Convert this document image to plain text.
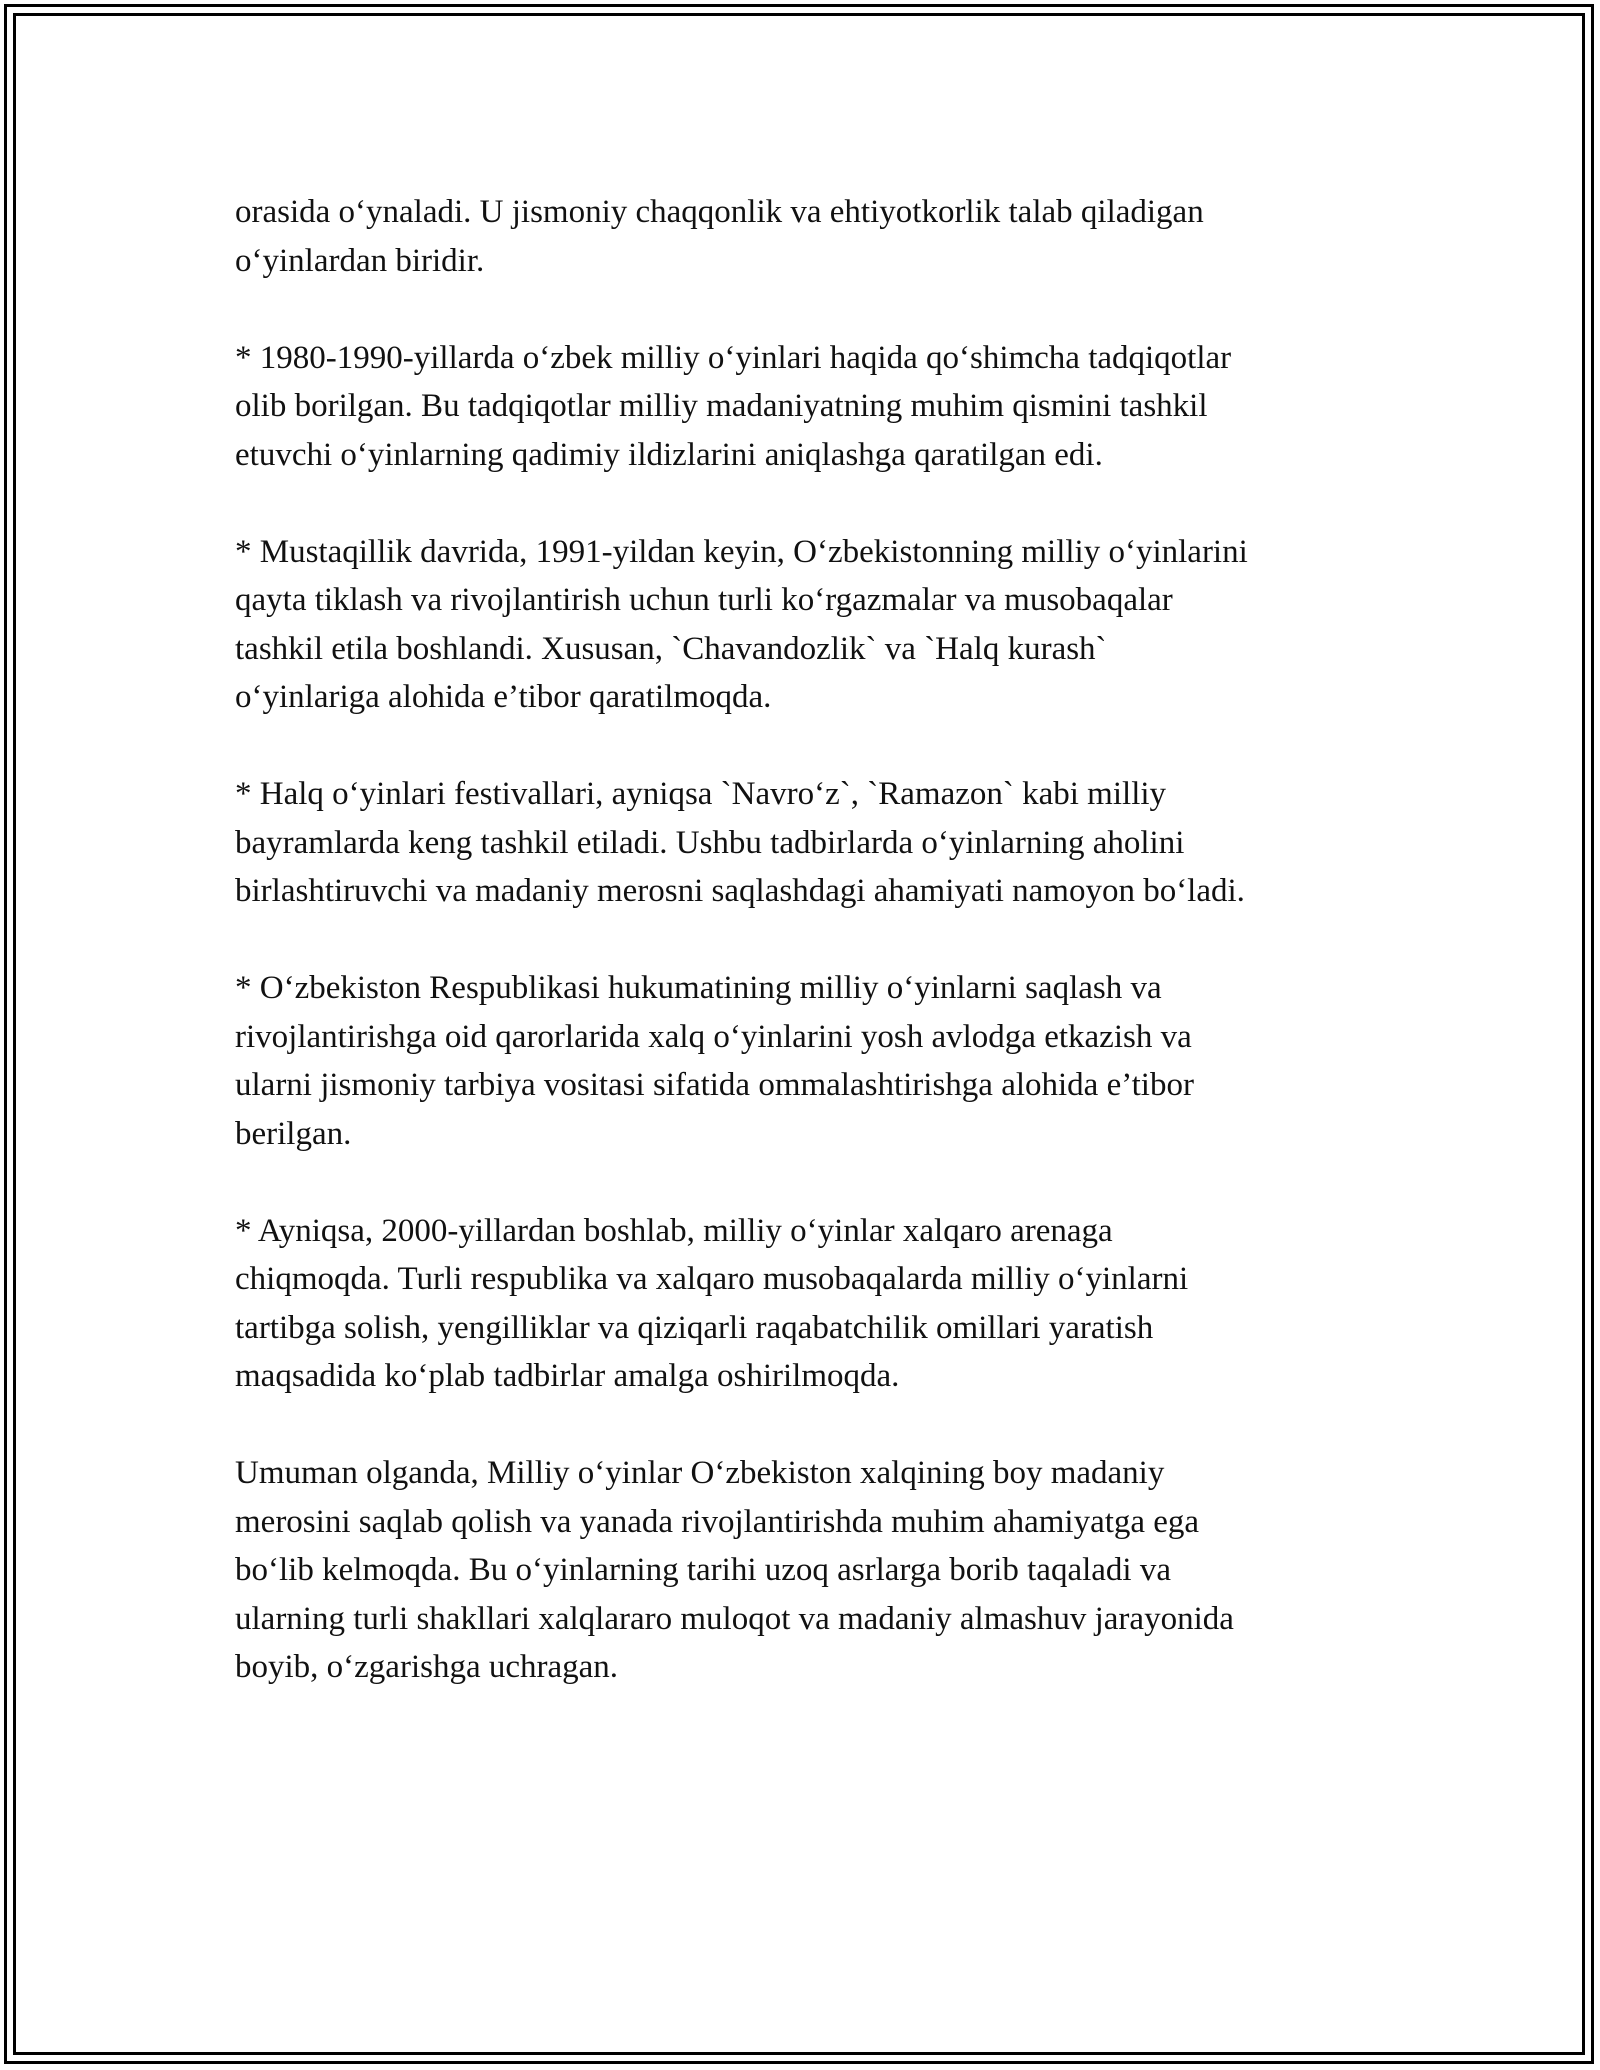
orasida o‘ynaladi. U jismoniy chaqqonlik va ehtiyotkorlik talab qiladigan
o‘yinlardan biridir.

* 1980-1990-yillarda o‘zbek milliy o‘yinlari haqida qo‘shimcha tadqiqotlar
olib borilgan. Bu tadqiqotlar milliy madaniyatning muhim qismini tashkil
etuvchi o‘yinlarning qadimiy ildizlarini aniqlashga qaratilgan edi.

* Mustaqillik davrida, 1991-yildan keyin, O‘zbekistonning milliy o‘yinlarini
qayta tiklash va rivojlantirish uchun turli ko‘rgazmalar va musobaqalar
tashkil etila boshlandi. Xususan, `Chavandozlik` va `Halq kurash`
o‘yinlariga alohida e’tibor qaratilmoqda.

* Halq o‘yinlari festivallari, ayniqsa `Navro‘z`, `Ramazon` kabi milliy
bayramlarda keng tashkil etiladi. Ushbu tadbirlarda o‘yinlarning aholini
birlashtiruvchi va madaniy merosni saqlashdagi ahamiyati namoyon bo‘ladi.

* O‘zbekiston Respublikasi hukumatining milliy o‘yinlarni saqlash va
rivojlantirishga oid qarorlarida xalq o‘yinlarini yosh avlodga etkazish va
ularni jismoniy tarbiya vositasi sifatida ommalashtirishga alohida e’tibor
berilgan.

* Ayniqsa, 2000-yillardan boshlab, milliy o‘yinlar xalqaro arenaga
chiqmoqda. Turli respublika va xalqaro musobaqalarda milliy o‘yinlarni
tartibga solish, yengilliklar va qiziqarli raqabatchilik omillari yaratish
maqsadida ko‘plab tadbirlar amalga oshirilmoqda.

Umuman olganda, Milliy o‘yinlar O‘zbekiston xalqining boy madaniy
merosini saqlab qolish va yanada rivojlantirishda muhim ahamiyatga ega
bo‘lib kelmoqda. Bu o‘yinlarning tarihi uzoq asrlarga borib taqaladi va
ularning turli shakllari xalqlararo muloqot va madaniy almashuv jarayonida
boyib, o‘zgarishga uchragan.
